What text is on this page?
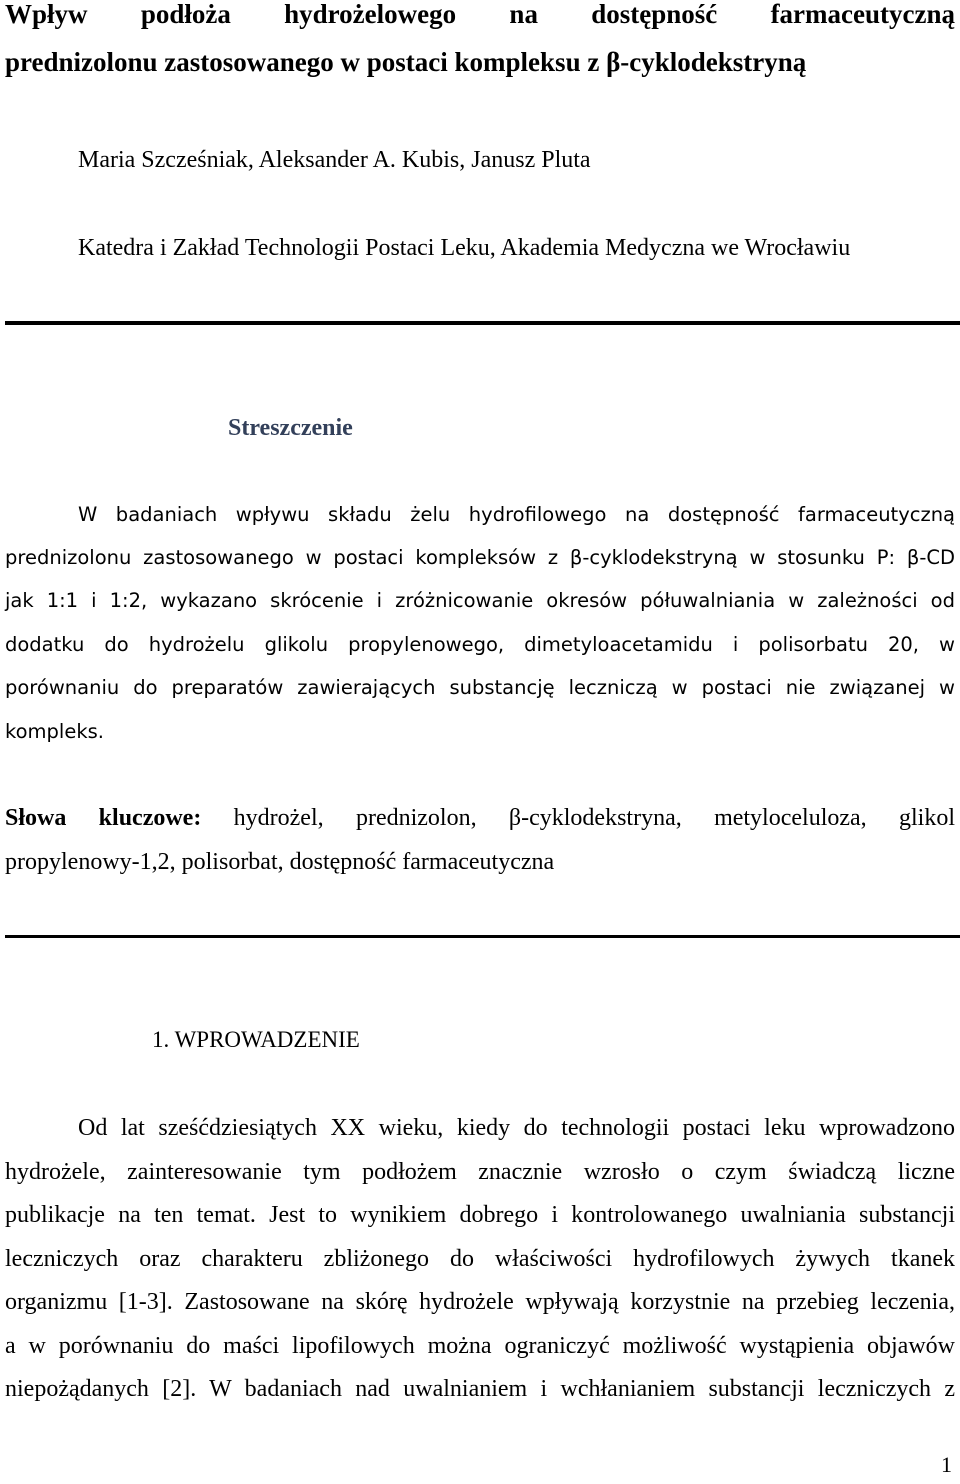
Wpływ podłoża hydrożelowego na dostępność farmaceutyczną
prednizolonu zastosowanego w postaci kompleksu z β-cyklodekstryną
Maria Szcześniak, Aleksander A. Kubis, Janusz Pluta
Katedra i Zakład Technologii Postaci Leku, Akademia Medyczna we Wrocławiu
Streszczenie
W badaniach wpływu składu żelu hydrofilowego na dostępność farmaceutyczną
prednizolonu zastosowanego w postaci kompleksów z β-cyklodekstryną w stosunku P: β-CD
jak 1:1 i 1:2, wykazano skrócenie i zróżnicowanie okresów półuwalniania w zależności od
dodatku do hydrożelu glikolu propylenowego, dimetyloacetamidu i polisorbatu 20, w
porównaniu do preparatów zawierających substancję leczniczą w postaci nie związanej w
kompleks.
Słowa kluczowe: hydrożel, prednizolon, β-cyklodekstryna, metyloceluloza, glikol
propylenowy-1,2, polisorbat, dostępność farmaceutyczna
1. WPROWADZENIE
Od lat sześćdziesiątych XX wieku, kiedy do technologii postaci leku wprowadzono
hydrożele, zainteresowanie tym podłożem znacznie wzrosło o czym świadczą liczne
publikacje na ten temat. Jest to wynikiem dobrego i kontrolowanego uwalniania substancji
leczniczych oraz charakteru zbliżonego do właściwości hydrofilowych żywych tkanek
organizmu [1-3]. Zastosowane na skórę hydrożele wpływają korzystnie na przebieg leczenia,
a w porównaniu do maści lipofilowych można ograniczyć możliwość wystąpienia objawów
niepożądanych [2]. W badaniach nad uwalnianiem i wchłanianiem substancji leczniczych z
1
